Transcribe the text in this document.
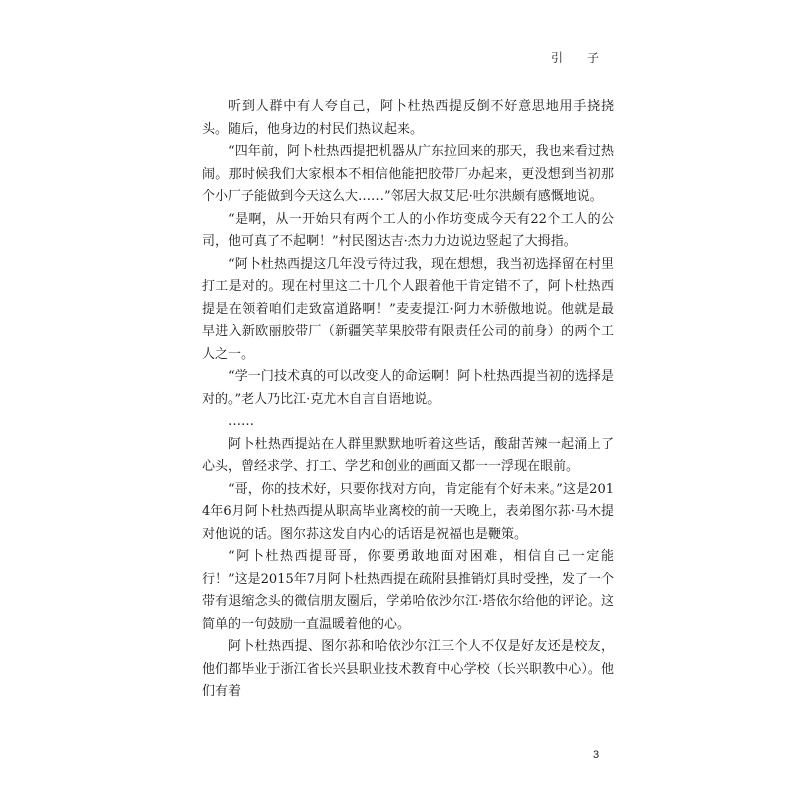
引　子

听到人群中有人夸自己，阿卜杜热西提反倒不好意思地用手挠挠头。随后，他身边的村民们热议起来。

“四年前，阿卜杜热西提把机器从广东拉回来的那天，我也来看过热闹。那时候我们大家根本不相信他能把胶带厂办起来，更没想到当初那个小厂子能做到今天这么大……”邻居大叔艾尼·吐尔洪颇有感慨地说。

“是啊，从一开始只有两个工人的小作坊变成今天有22个工人的公司，他可真了不起啊！”村民图达吉·杰力力边说边竖起了大拇指。

“阿卜杜热西提这几年没亏待过我，现在想想，我当初选择留在村里打工是对的。现在村里这二十几个人跟着他干肯定错不了，阿卜杜热西提是在领着咱们走致富道路啊！”麦麦提江·阿力木骄傲地说。他就是最早进入新欧丽胶带厂（新疆笑苹果胶带有限责任公司的前身）的两个工人之一。

“学一门技术真的可以改变人的命运啊！阿卜杜热西提当初的选择是对的。”老人乃比江·克尤木自言自语地说。

……

阿卜杜热西提站在人群里默默地听着这些话，酸甜苦辣一起涌上了心头，曾经求学、打工、学艺和创业的画面又都一一浮现在眼前。

“哥，你的技术好，只要你找对方向，肯定能有个好未来。”这是2014年6月阿卜杜热西提从职高毕业离校的前一天晚上，表弟图尔荪·马木提对他说的话。图尔荪这发自内心的话语是祝福也是鞭策。

“阿卜杜热西提哥哥，你要勇敢地面对困难，相信自己一定能行！”这是2015年7月阿卜杜热西提在疏附县推销灯具时受挫，发了一个带有退缩念头的微信朋友圈后，学弟哈依沙尔江·塔依尔给他的评论。这简单的一句鼓励一直温暖着他的心。

阿卜杜热西提、图尔荪和哈依沙尔江三个人不仅是好友还是校友，他们都毕业于浙江省长兴县职业技术教育中心学校（长兴职教中心）。他们有着

3
